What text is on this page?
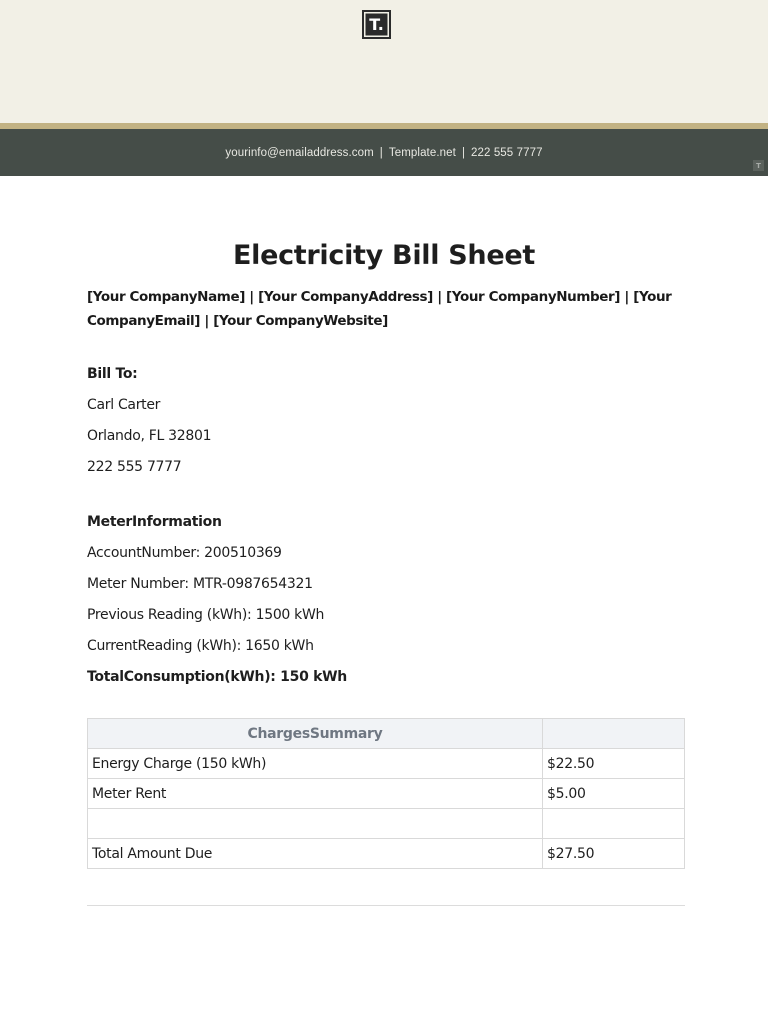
T.
yourinfo@emailaddress.com | Template.net | 222 555 7777
T
Electricity Bill Sheet
[Your CompanyName] | [Your CompanyAddress] | [Your CompanyNumber] | [Your CompanyEmail] | [Your CompanyWebsite]
Bill To:
Carl Carter
Orlando, FL 32801
222 555 7777
MeterInformation
AccountNumber: 200510369
Meter Number: MTR-0987654321
Previous Reading (kWh): 1500 kWh
CurrentReading (kWh): 1650 kWh
TotalConsumption(kWh): 150 kWh
ChargesSummary	
Energy Charge (150 kWh)	$22.50
Meter Rent	$5.00

Total Amount Due	$27.50
